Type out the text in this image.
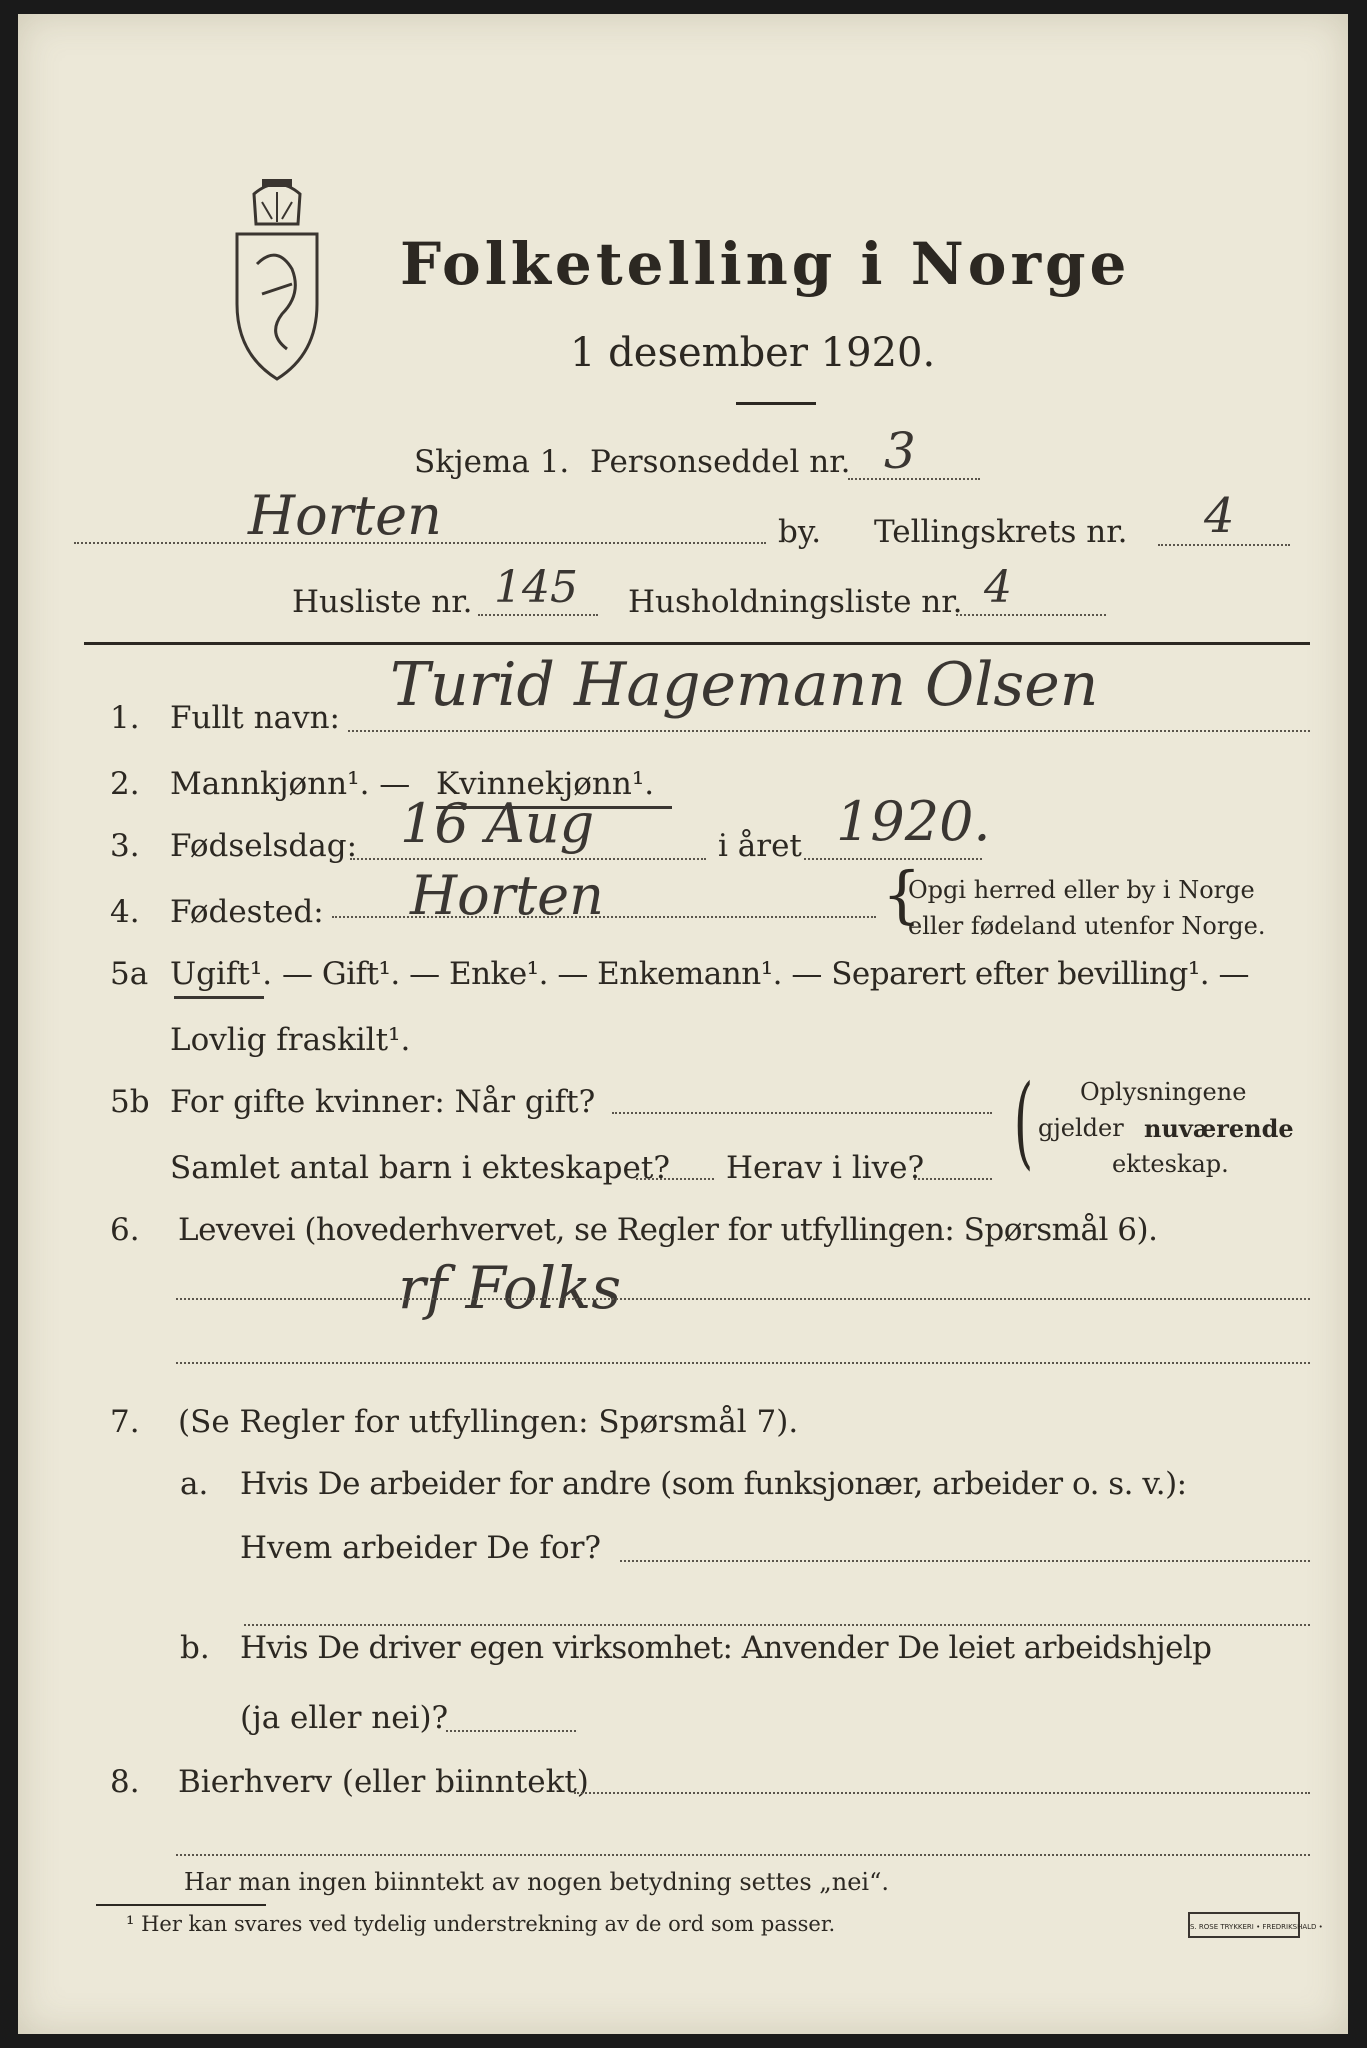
Folketelling i Norge
1 desember 1920.
Skjema 1. Personseddel nr. 3
Horten	by. Tellingskrets nr. 4
Husliste nr. 145 Husholdningsliste nr. 4
1. Fullt navn: Turid Hagemann Olsen
2. Mannkjønn¹. — Kvinnekjønn¹.
3. Fødselsdag: 16 Aug	i året 1920.
4. Fødested: Horten	{
Opgi herred eller by i Norge
eller fødeland utenfor Norge.
5a Ugift¹. — Gift¹. — Enke¹. — Enkemann¹. — Separert efter bevilling¹. —
Lovlig fraskilt¹.
5b For gifte kvinner: Når gift?
Samlet antal barn i ekteskapet? Herav i live? ( Oplysningene
gjelder nuværende
ekteskap.
6. Levevei (hovederhvervet, se Regler for utfyllingen: Spørsmål 6).
rf Folks
7. (Se Regler for utfyllingen: Spørsmål 7).
a. Hvis De arbeider for andre (som funksjonær, arbeider o. s. v.):
Hvem arbeider De for?
b. Hvis De driver egen virksomhet: Anvender De leiet arbeidshjelp
(ja eller nei)?
8. Bierhverv (eller biinntekt)
Har man ingen biinntekt av nogen betydning settes „nei“.
¹ Her kan svares ved tydelig understrekning av de ord som passer.	S. ROSE TRYKKERI • FREDRIKSHALD •
